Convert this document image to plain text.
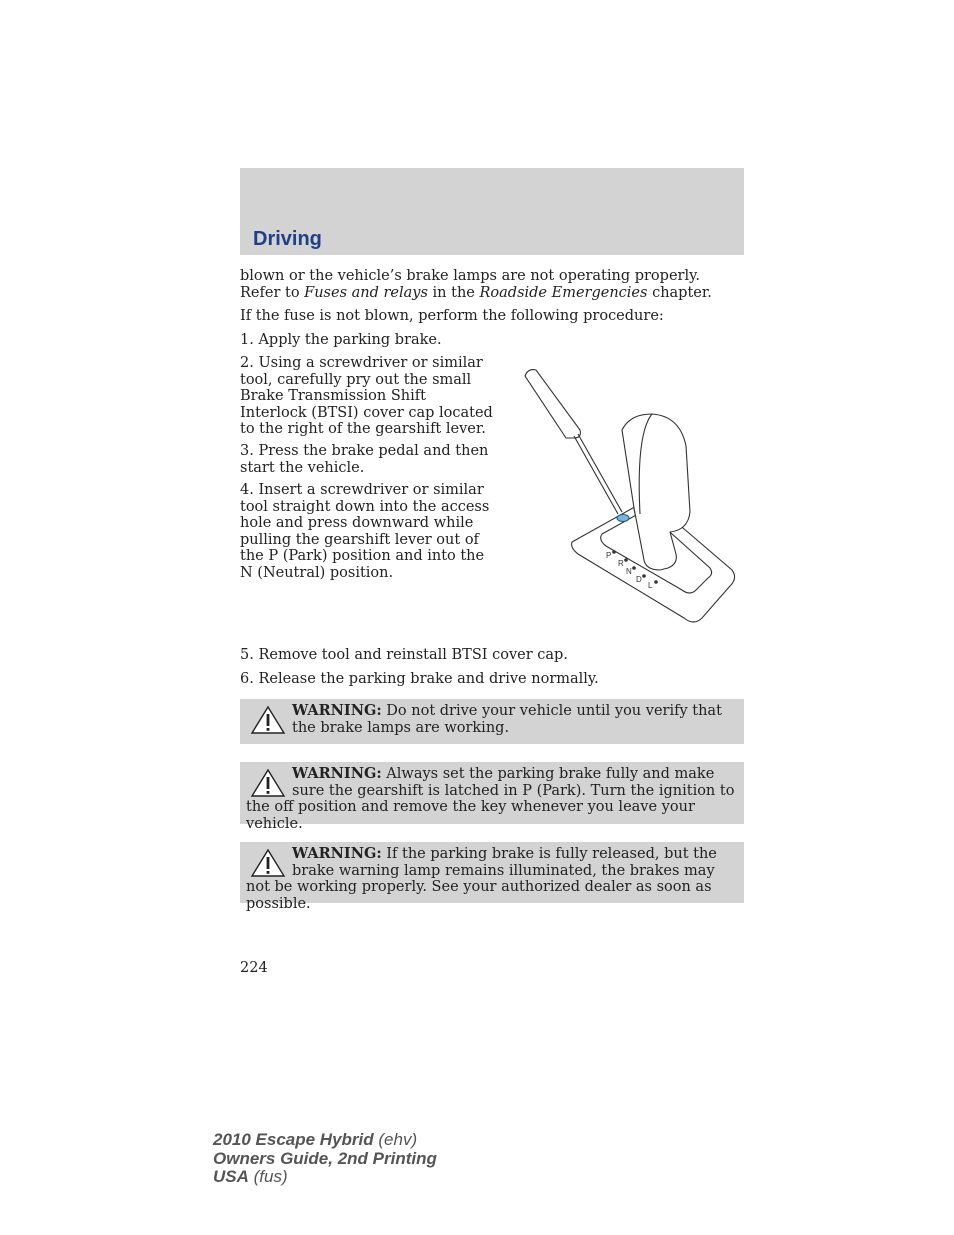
Driving

blown or the vehicle’s brake lamps are not operating properly. Refer to Fuses and relays in the Roadside Emergencies chapter.

If the fuse is not blown, perform the following procedure:

1. Apply the parking brake.

2. Using a screwdriver or similar tool, carefully pry out the small Brake Transmission Shift Interlock (BTSI) cover cap located to the right of the gearshift lever.

3. Press the brake pedal and then start the vehicle.

4. Insert a screwdriver or similar tool straight down into the access hole and press downward while pulling the gearshift lever out of the P (Park) position and into the N (Neutral) position.

5. Remove tool and reinstall BTSI cover cap.

6. Release the parking brake and drive normally.

P
R
N
D
L
WARNING: Do not drive your vehicle until you verify that the brake lamps are working.
WARNING: Always set the parking brake fully and make sure the gearshift is latched in P (Park). Turn the ignition to the off position and remove the key whenever you leave your vehicle.
WARNING: If the parking brake is fully released, but the brake warning lamp remains illuminated, the brakes may not be working properly. See your authorized dealer as soon as possible.
224
2010 Escape Hybrid (ehv)
Owners Guide, 2nd Printing
USA (fus)
